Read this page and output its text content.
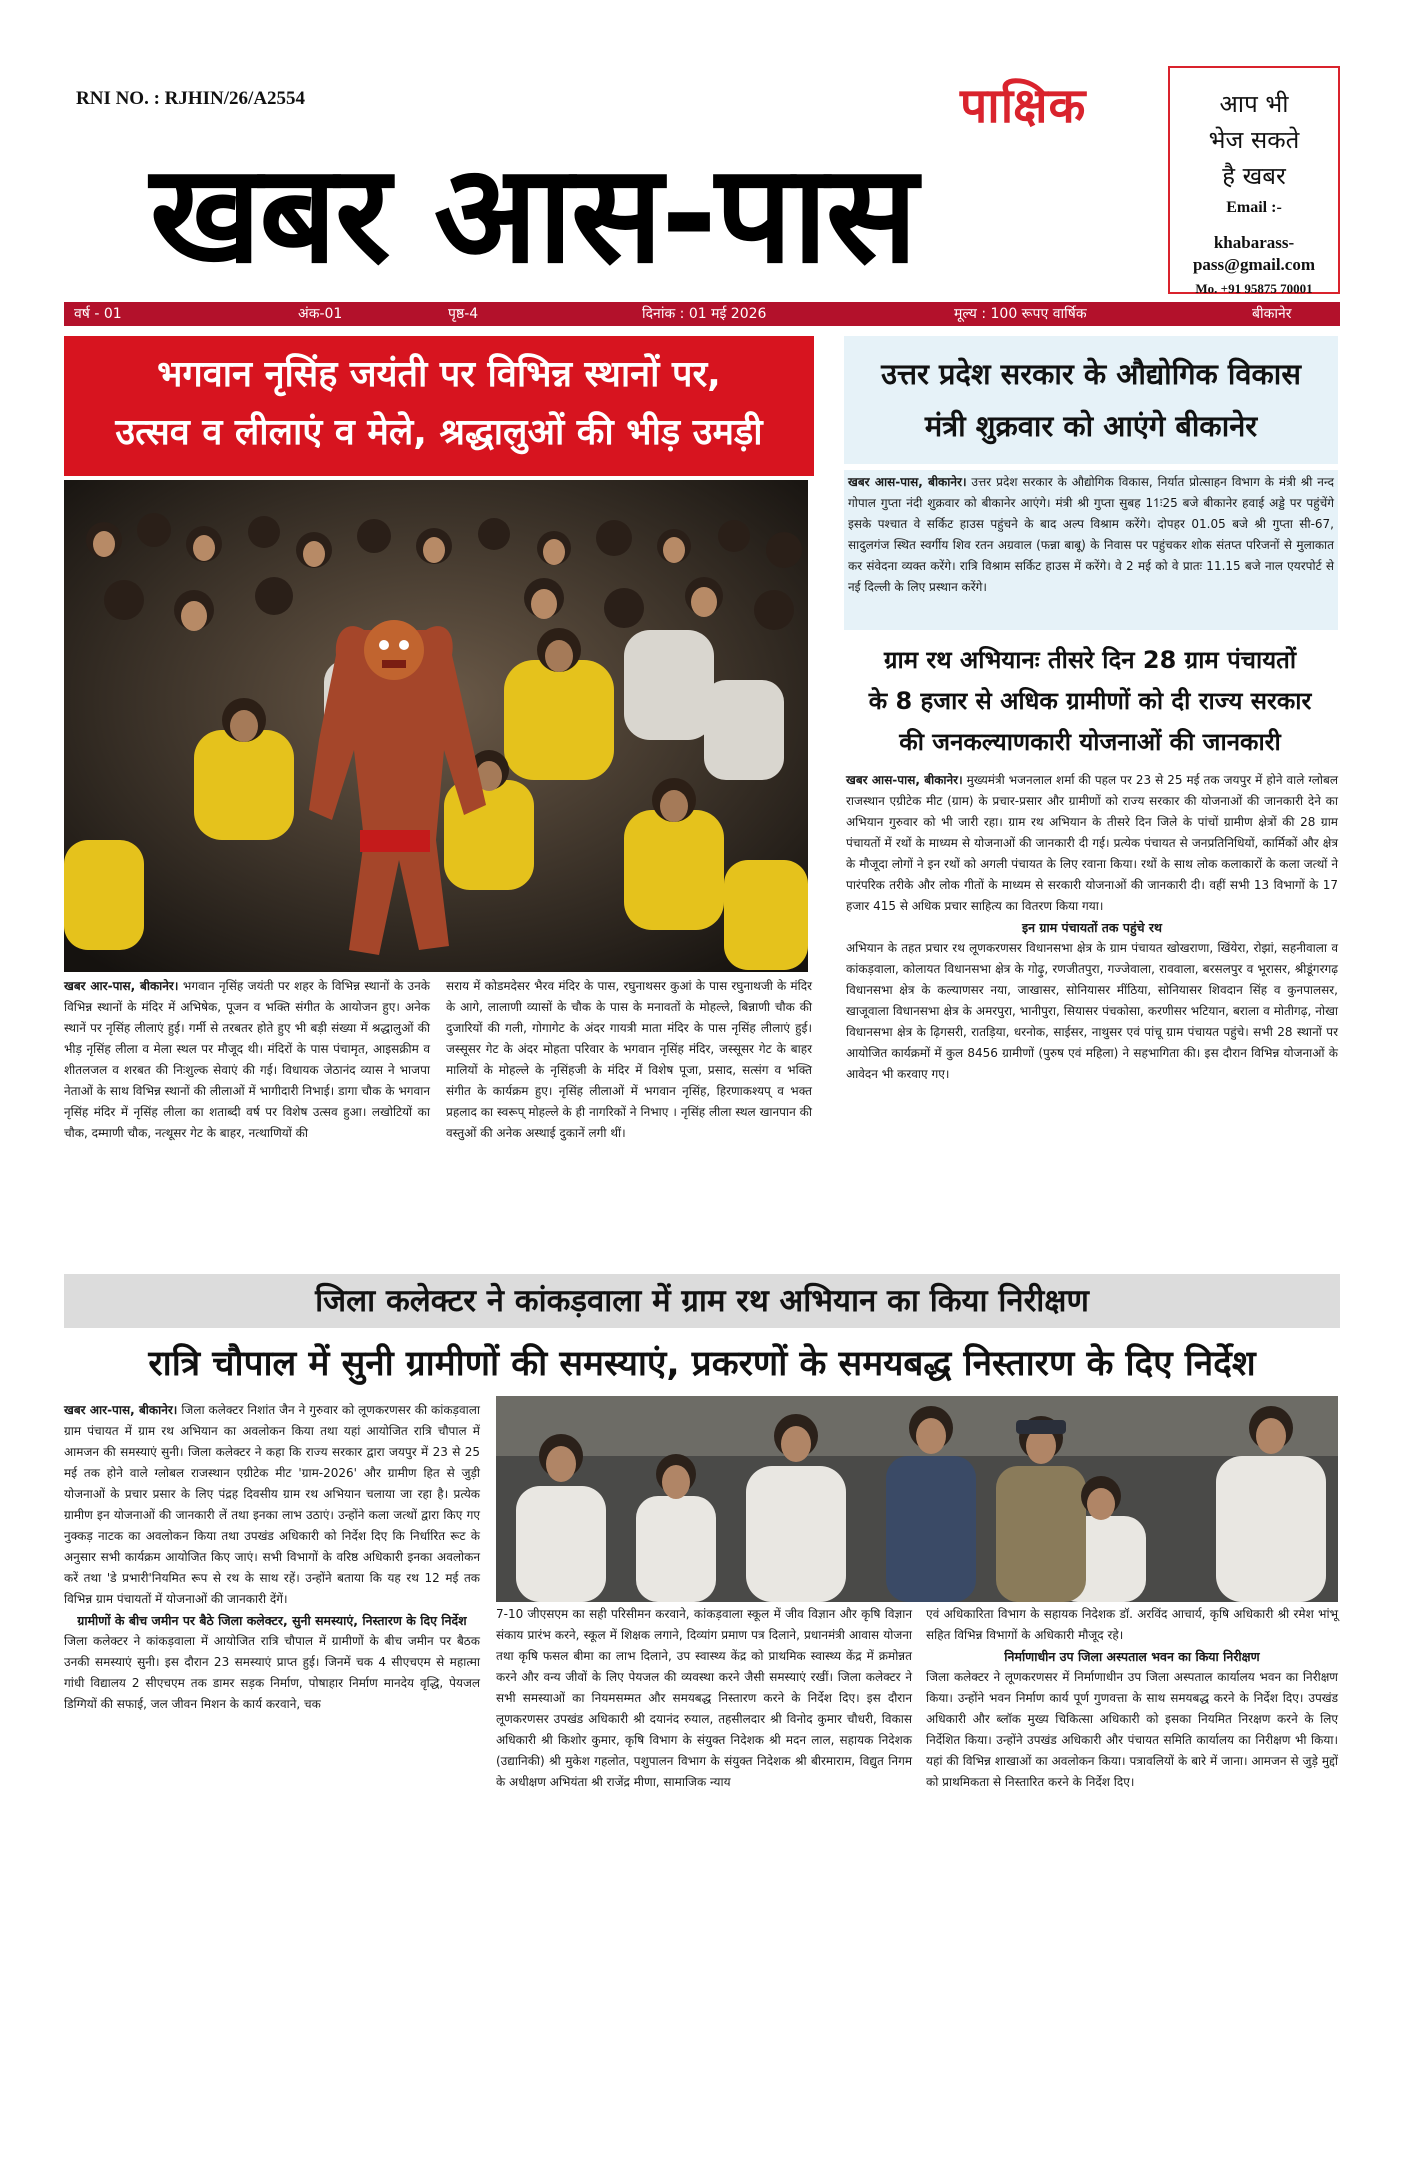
RNI NO. : RJHIN/26/A2554	पाक्षिक
खबर आस-पास
आप भी
भेज सकते
है खबर
Email :-
khabarass-
pass@gmail.com
Mo. +91 95875 70001
वर्ष - 01	अंक-01	पृष्ठ-4	दिनांक : 01 मई 2026	मूल्य : 100 रूपए वार्षिक	बीकानेर
भगवान नृसिंह जयंती पर विभिन्न स्थानों पर,
उत्सव व लीलाएं व मेले, श्रद्धालुओं की भीड़ उमड़ी
खबर आर-पास, बीकानेर। भगवान नृसिंह जयंती पर शहर के विभिन्न स्थानों के उनके विभिन्न स्थानों के मंदिर में अभिषेक, पूजन व भक्ति संगीत के आयोजन हुए। अनेक स्थानें पर नृसिंह लीलाएं हुई। गर्मी से तरबतर होते हुए भी बड़ी संख्या में श्रद्धालुओं की भीड़ नृसिंह लीला व मेला स्थल पर मौजूद थी। मंदिरों के पास पंचामृत, आइसक्रीम व शीतलजल व शरबत की निःशुल्क सेवाएं की गई। विधायक जेठानंद व्यास ने भाजपा नेताओं के साथ विभिन्न स्थानों की लीलाओं में भागीदारी निभाई। डागा चौक के भगवान नृसिंह मंदिर में नृसिंह लीला का शताब्दी वर्ष पर विशेष उत्सव हुआ। लखोटियों का चौक, दम्माणी चौक, नत्थूसर गेट के बाहर, नत्थाणियों की
सराय में कोडमदेसर भैरव मंदिर के पास, रघुनाथसर कुआं के पास रघुनाथजी के मंदिर के आगे, लालाणी व्यासों के चौक के पास के मनावतों के मोहल्ले, बिन्नाणी चौक की दुजारियों की गली, गोगागेट के अंदर गायत्री माता मंदिर के पास नृसिंह लीलाएं हुई। जस्सूसर गेट के अंदर मोहता परिवार के भगवान नृसिंह मंदिर, जस्सूसर गेट के बाहर मालियों के मोहल्ले के नृसिंहजी के मंदिर में विशेष पूजा, प्रसाद, सत्संग व भक्ति संगीत के कार्यक्रम हुए। नृसिंह लीलाओं में भगवान नृसिंह, हिरणाकश्यप् व भक्त प्रहलाद का स्वरूप् मोहल्ले के ही नागरिकों ने निभाए । नृसिंह लीला स्थल खानपान की वस्तुओं की अनेक अस्थाई दुकानें लगी थीं।
उत्तर प्रदेश सरकार के औद्योगिक विकास
मंत्री शुक्रवार को आएंगे बीकानेर
खबर आस-पास, बीकानेर। उत्तर प्रदेश सरकार के औद्योगिक विकास, निर्यात प्रोत्साहन विभाग के मंत्री श्री नन्द गोपाल गुप्ता नंदी शुक्रवार को बीकानेर आएंगे। मंत्री श्री गुप्ता सुबह 11ः25 बजे बीकानेर हवाई अड्डे पर पहुंचेंगे इसके पश्चात वे सर्किट हाउस पहुंचने के बाद अल्प विश्राम करेंगे। दोपहर 01.05 बजे श्री गुप्ता सी-67, सादुलगंज स्थित स्वर्गीय शिव रतन अग्रवाल (फन्ना बाबू) के निवास पर पहुंचकर शोक संतप्त परिजनों से मुलाकात कर संवेदना व्यक्त करेंगे। रात्रि विश्राम सर्किट हाउस में करेंगे। वे 2 मई को वे प्रातः 11.15 बजे नाल एयरपोर्ट से नई दिल्ली के लिए प्रस्थान करेंगे।
ग्राम रथ अभियानः तीसरे दिन 28 ग्राम पंचायतों
के 8 हजार से अधिक ग्रामीणों को दी राज्य सरकार
की जनकल्याणकारी योजनाओं की जानकारी
खबर आस-पास, बीकानेर। मुख्यमंत्री भजनलाल शर्मा की पहल पर 23 से 25 मई तक जयपुर में होने वाले ग्लोबल राजस्थान एग्रीटेक मीट (ग्राम) के प्रचार-प्रसार और ग्रामीणों को राज्य सरकार की योजनाओं की जानकारी देने का अभियान गुरुवार को भी जारी रहा। ग्राम रथ अभियान के तीसरे दिन जिले के पांचों ग्रामीण क्षेत्रों की 28 ग्राम पंचायतों में रथों के माध्यम से योजनाओं की जानकारी दी गई। प्रत्येक पंचायत से जनप्रतिनिधियों, कार्मिकों और क्षेत्र के मौजूदा लोगों ने इन रथों को अगली पंचायत के लिए रवाना किया। रथों के साथ लोक कलाकारों के कला जत्थों ने पारंपरिक तरीके और लोक गीतों के माध्यम से सरकारी योजनाओं की जानकारी दी। वहीं सभी 13 विभागों के 17 हजार 415 से अधिक प्रचार साहित्य का वितरण किया गया।
इन ग्राम पंचायतों तक पहुंचे रथ
अभियान के तहत प्रचार रथ लूणकरणसर विधानसभा क्षेत्र के ग्राम पंचायत खोखराणा, खिंयेरा, रोझां, सहनीवाला व कांकड़वाला, कोलायत विधानसभा क्षेत्र के गोढ़ु, रणजीतपुरा, गज्जेवाला, राववाला, बरसलपुर व भूरासर, श्रीडूंगरगढ़ विधानसभा क्षेत्र के कल्याणसर नया, जाखासर, सोनियासर मींठिया, सोनियासर शिवदान सिंह व कुनपालसर, खाजूवाला विधानसभा क्षेत्र के अमरपुरा, भानीपुरा, सियासर पंचकोसा, करणीसर भटियान, बराला व मोतीगढ़, नोखा विधानसभा क्षेत्र के ढ़िगसरी, रातड़िया, धरनोक, साईसर, नाथुसर एवं पांचू ग्राम पंचायत पहुंचे। सभी 28 स्थानों पर आयोजित कार्यक्रमों में कुल 8456 ग्रामीणों (पुरुष एवं महिला) ने सहभागिता की। इस दौरान विभिन्न योजनाओं के आवेदन भी करवाए गए।
जिला कलेक्टर ने कांकड़वाला में ग्राम रथ अभियान का किया निरीक्षण
रात्रि चौपाल में सुनी ग्रामीणों की समस्याएं, प्रकरणों के समयबद्ध निस्तारण के दिए निर्देश
खबर आर-पास, बीकानेर। जिला कलेक्टर निशांत जैन ने गुरुवार को लूणकरणसर की कांकड़वाला ग्राम पंचायत में ग्राम रथ अभियान का अवलोकन किया तथा यहां आयोजित रात्रि चौपाल में आमजन की समस्याएं सुनी। जिला कलेक्टर ने कहा कि राज्य सरकार द्वारा जयपुर में 23 से 25 मई तक होने वाले ग्लोबल राजस्थान एग्रीटेक मीट 'ग्राम-2026' और ग्रामीण हित से जुड़ी योजनाओं के प्रचार प्रसार के लिए पंद्रह दिवसीय ग्राम रथ अभियान चलाया जा रहा है। प्रत्येक ग्रामीण इन योजनाओं की जानकारी लें तथा इनका लाभ उठाएं। उन्होंने कला जत्थों द्वारा किए गए नुक्कड़ नाटक का अवलोकन किया तथा उपखंड अधिकारी को निर्देश दिए कि निर्धारित रूट के अनुसार सभी कार्यक्रम आयोजित किए जाएं। सभी विभागों के वरिष्ठ अधिकारी इनका अवलोकन करें तथा 'डे प्रभारी'नियमित रूप से रथ के साथ रहें। उन्होंने बताया कि यह रथ 12 मई तक विभिन्न ग्राम पंचायतों में योजनाओं की जानकारी देंगें।
ग्रामीणों के बीच जमीन पर बैठे जिला कलेक्टर, सुनी समस्याएं, निस्तारण के दिए निर्देश
जिला कलेक्टर ने कांकड़वाला में आयोजित रात्रि चौपाल में ग्रामीणों के बीच जमीन पर बैठक उनकी समस्याएं सुनी। इस दौरान 23 समस्याएं प्राप्त हुई। जिनमें चक 4 सीएचएम से महात्मा गांधी विद्यालय 2 सीएचएम तक डामर सड़क निर्माण, पोषाहार निर्माण मानदेय वृद्धि, पेयजल डिग्गियों की सफाई, जल जीवन मिशन के कार्य करवाने, चक
7-10 जीएसएम का सही परिसीमन करवाने, कांकड़वाला स्कूल में जीव विज्ञान और कृषि विज्ञान संकाय प्रारंभ करने, स्कूल में शिक्षक लगाने, दिव्यांग प्रमाण पत्र दिलाने, प्रधानमंत्री आवास योजना तथा कृषि फसल बीमा का लाभ दिलाने, उप स्वास्थ्य केंद्र को प्राथमिक स्वास्थ्य केंद्र में क्रमोन्नत करने और वन्य जीवों के लिए पेयजल की व्यवस्था करने जैसी समस्याएं रखीं। जिला कलेक्टर ने सभी समस्याओं का नियमसम्मत और समयबद्ध निस्तारण करने के निर्देश दिए। इस दौरान लूणकरणसर उपखंड अधिकारी श्री दयानंद रुयाल, तहसीलदार श्री विनोद कुमार चौधरी, विकास अधिकारी श्री किशोर कुमार, कृषि विभाग के संयुक्त निदेशक श्री मदन लाल, सहायक निदेशक (उद्यानिकी) श्री मुकेश गहलोत, पशुपालन विभाग के संयुक्त निदेशक श्री बीरमाराम, विद्युत निगम के अधीक्षण अभियंता श्री राजेंद्र मीणा, सामाजिक न्याय
एवं अधिकारिता विभाग के सहायक निदेशक डॉ. अरविंद आचार्य, कृषि अधिकारी श्री रमेश भांभू सहित विभिन्न विभागों के अधिकारी मौजूद रहे।
निर्माणाधीन उप जिला अस्पताल भवन का किया निरीक्षण
जिला कलेक्टर ने लूणकरणसर में निर्माणाधीन उप जिला अस्पताल कार्यालय भवन का निरीक्षण किया। उन्होंने भवन निर्माण कार्य पूर्ण गुणवत्ता के साथ समयबद्ध करने के निर्देश दिए। उपखंड अधिकारी और ब्लॉक मुख्य चिकित्सा अधिकारी को इसका नियमित निरक्षण करने के लिए निर्देशित किया। उन्होंने उपखंड अधिकारी और पंचायत समिति कार्यालय का निरीक्षण भी किया। यहां की विभिन्न शाखाओं का अवलोकन किया। पत्रावलियों के बारे में जाना। आमजन से जुड़े मुद्दों को प्राथमिकता से निस्तारित करने के निर्देश दिए।
